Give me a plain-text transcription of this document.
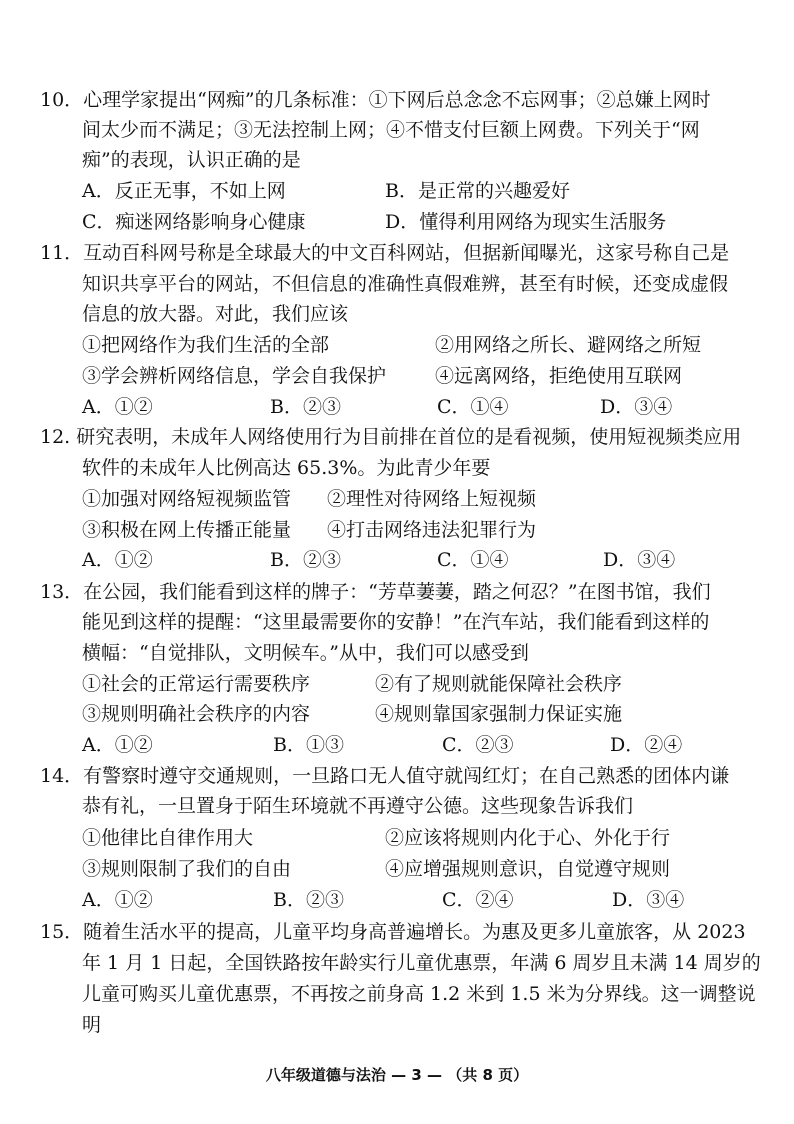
10．心理学家提出“网痴”的几条标准：①下网后总念念不忘网事；②总嫌上网时
间太少而不满足；③无法控制上网；④不惜支付巨额上网费。下列关于“网
痴”的表现，认识正确的是
A．反正无事，不如上网	B．是正常的兴趣爱好
C．痴迷网络影响身心健康	D．懂得利用网络为现实生活服务
11．互动百科网号称是全球最大的中文百科网站，但据新闻曝光，这家号称自己是
知识共享平台的网站，不但信息的准确性真假难辨，甚至有时候，还变成虚假
信息的放大器。对此，我们应该
①把网络作为我们生活的全部	②用网络之所长、避网络之所短
③学会辨析网络信息，学会自我保护	④远离网络，拒绝使用互联网
A．①②	B．②③	C．①④	D．③④
12. 研究表明，未成年人网络使用行为目前排在首位的是看视频，使用短视频类应用
软件的未成年人比例高达 65.3%。为此青少年要
①加强对网络短视频监管 ②理性对待网络上短视频
③积极在网上传播正能量 ④打击网络违法犯罪行为
A．①②	B．②③	C．①④	D．③④
13．在公园，我们能看到这样的牌子：“芳草萋萋，踏之何忍？”在图书馆，我们
能见到这样的提醒：“这里最需要你的安静！”在汽车站，我们能看到这样的
横幅：“自觉排队，文明候车。”从中，我们可以感受到
①社会的正常运行需要秩序	②有了规则就能保障社会秩序
③规则明确社会秩序的内容	④规则靠国家强制力保证实施
A．①②	B．①③	C．②③	D．②④
14．有警察时遵守交通规则，一旦路口无人值守就闯红灯；在自己熟悉的团体内谦
恭有礼，一旦置身于陌生环境就不再遵守公德。这些现象告诉我们
①他律比自律作用大	②应该将规则内化于心、外化于行
③规则限制了我们的自由	④应增强规则意识，自觉遵守规则
A．①②	B．②③	C．②④	D．③④
15．随着生活水平的提高，儿童平均身高普遍增长。为惠及更多儿童旅客，从 2023
年 1 月 1 日起，全国铁路按年龄实行儿童优惠票，年满 6 周岁且未满 14 周岁的
儿童可购买儿童优惠票，不再按之前身高 1.2 米到 1.5 米为分界线。这一调整说
明
八年级道德与法治 — 3 — （共 8 页）
